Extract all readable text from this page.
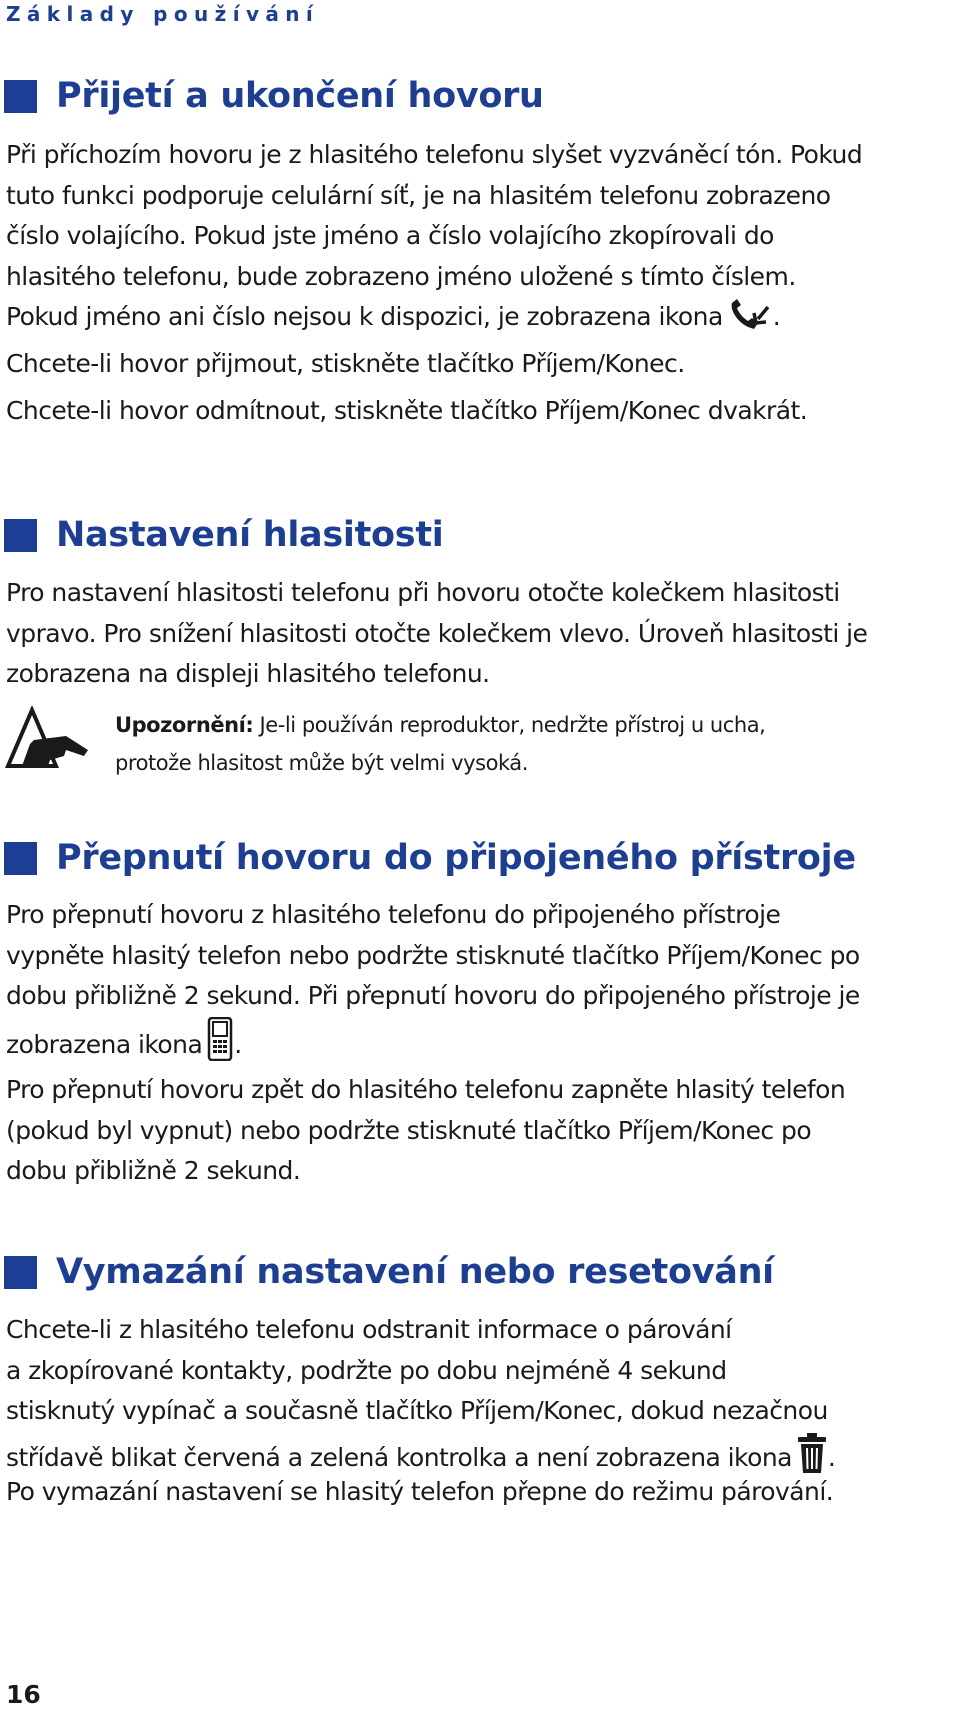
Základy používání
Přijetí a ukončení hovoru
Při příchozím hovoru je z hlasitého telefonu slyšet vyzváněcí tón. Pokud
tuto funkci podporuje celulární síť, je na hlasitém telefonu zobrazeno
číslo volajícího. Pokud jste jméno a číslo volajícího zkopírovali do
hlasitého telefonu, bude zobrazeno jméno uložené s tímto číslem.
Pokud jméno ani číslo nejsou k dispozici, je zobrazena ikona .
Chcete-li hovor přijmout, stiskněte tlačítko Příjem/Konec.
Chcete-li hovor odmítnout, stiskněte tlačítko Příjem/Konec dvakrát.
Nastavení hlasitosti
Pro nastavení hlasitosti telefonu při hovoru otočte kolečkem hlasitosti
vpravo. Pro snížení hlasitosti otočte kolečkem vlevo. Úroveň hlasitosti je
zobrazena na displeji hlasitého telefonu.
Upozornění: Je-li používán reproduktor, nedržte přístroj u ucha,
protože hlasitost může být velmi vysoká.
Přepnutí hovoru do připojeného přístroje
Pro přepnutí hovoru z hlasitého telefonu do připojeného přístroje
vypněte hlasitý telefon nebo podržte stisknuté tlačítko Příjem/Konec po
dobu přibližně 2 sekund. Při přepnutí hovoru do připojeného přístroje je
zobrazena ikona .
Pro přepnutí hovoru zpět do hlasitého telefonu zapněte hlasitý telefon
(pokud byl vypnut) nebo podržte stisknuté tlačítko Příjem/Konec po
dobu přibližně 2 sekund.
Vymazání nastavení nebo resetování
Chcete-li z hlasitého telefonu odstranit informace o párování
a zkopírované kontakty, podržte po dobu nejméně 4 sekund
stisknutý vypínač a současně tlačítko Příjem/Konec, dokud nezačnou
střídavě blikat červená a zelená kontrolka a není zobrazena ikona .
Po vymazání nastavení se hlasitý telefon přepne do režimu párování.
16
